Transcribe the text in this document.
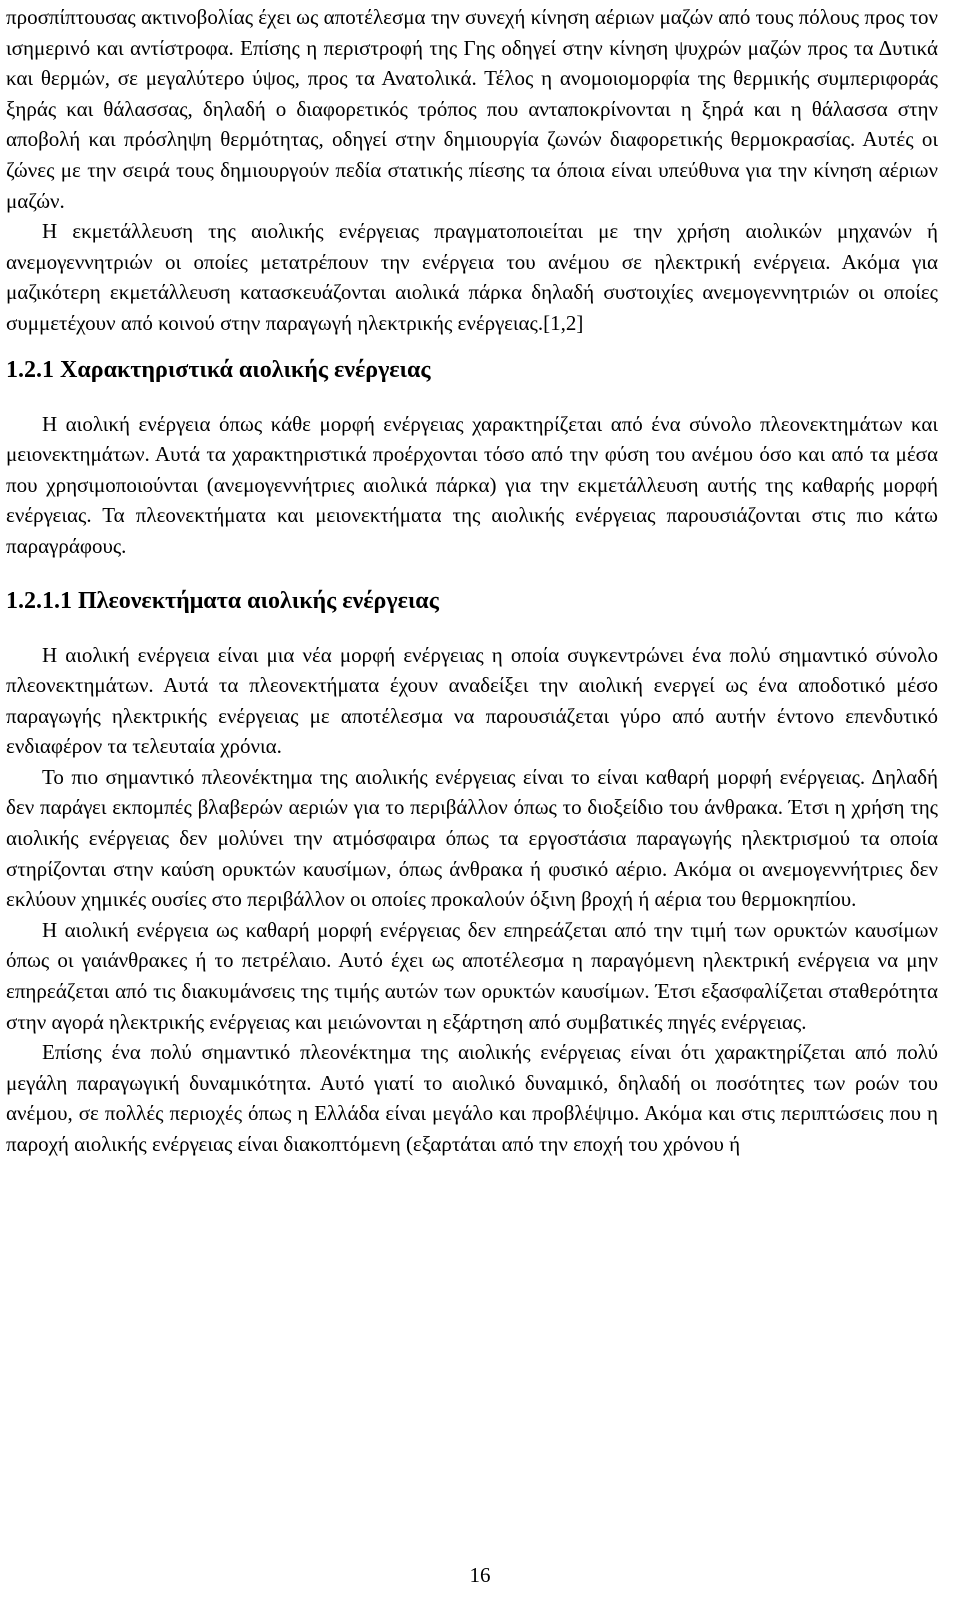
προσπίπτουσας ακτινοβολίας έχει ως αποτέλεσμα την συνεχή κίνηση αέριων μαζών από τους πόλους προς τον ισημερινό και αντίστροφα. Επίσης η περιστροφή της Γης οδηγεί στην κίνηση ψυχρών μαζών προς τα Δυτικά και θερμών, σε μεγαλύτερο ύψος, προς τα Ανατολικά. Τέλος η ανομοιομορφία της θερμικής συμπεριφοράς ξηράς και θάλασσας, δηλαδή ο διαφορετικός τρόπος που ανταποκρίνονται η ξηρά και η θάλασσα στην αποβολή και πρόσληψη θερμότητας, οδηγεί στην δημιουργία ζωνών διαφορετικής θερμοκρασίας. Αυτές οι ζώνες με την σειρά τους δημιουργούν πεδία στατικής πίεσης τα όποια είναι υπεύθυνα για την κίνηση αέριων μαζών.

Η εκμετάλλευση της αιολικής ενέργειας πραγματοποιείται με την χρήση αιολικών μηχανών ή ανεμογεννητριών οι οποίες μετατρέπουν την ενέργεια του ανέμου σε ηλεκτρική ενέργεια. Ακόμα για μαζικότερη εκμετάλλευση κατασκευάζονται αιολικά πάρκα δηλαδή συστοιχίες ανεμογεννητριών οι οποίες συμμετέχουν από κοινού στην παραγωγή ηλεκτρικής ενέργειας.[1,2]

1.2.1 Χαρακτηριστικά αιολικής ενέργειας

Η αιολική ενέργεια όπως κάθε μορφή ενέργειας χαρακτηρίζεται από ένα σύνολο πλεονεκτημάτων και μειονεκτημάτων. Αυτά τα χαρακτηριστικά προέρχονται τόσο από την φύση του ανέμου όσο και από τα μέσα που χρησιμοποιούνται (ανεμογεννήτριες αιολικά πάρκα) για την εκμετάλλευση αυτής της καθαρής μορφή ενέργειας. Τα πλεονεκτήματα και μειονεκτήματα της αιολικής ενέργειας παρουσιάζονται στις πιο κάτω παραγράφους.

1.2.1.1 Πλεονεκτήματα αιολικής ενέργειας

Η αιολική ενέργεια είναι μια νέα μορφή ενέργειας η οποία συγκεντρώνει ένα πολύ σημαντικό σύνολο πλεονεκτημάτων. Αυτά τα πλεονεκτήματα έχουν αναδείξει την αιολική ενεργεί ως ένα αποδοτικό μέσο παραγωγής ηλεκτρικής ενέργειας με αποτέλεσμα να παρουσιάζεται γύρο από αυτήν έντονο επενδυτικό ενδιαφέρον τα τελευταία χρόνια.

Το πιο σημαντικό πλεονέκτημα της αιολικής ενέργειας είναι το είναι καθαρή μορφή ενέργειας. Δηλαδή δεν παράγει εκπομπές βλαβερών αεριών για το περιβάλλον όπως το διοξείδιο του άνθρακα. Έτσι η χρήση της αιολικής ενέργειας δεν μολύνει την ατμόσφαιρα όπως τα εργοστάσια παραγωγής ηλεκτρισμού τα οποία στηρίζονται στην καύση ορυκτών καυσίμων, όπως άνθρακα ή φυσικό αέριο. Ακόμα οι ανεμογεννήτριες δεν εκλύουν χημικές ουσίες στο περιβάλλον οι οποίες προκαλούν όξινη βροχή ή αέρια του θερμοκηπίου.

Η αιολική ενέργεια ως καθαρή μορφή ενέργειας δεν επηρεάζεται από την τιμή των ορυκτών καυσίμων όπως οι γαιάνθρακες ή το πετρέλαιο. Αυτό έχει ως αποτέλεσμα η παραγόμενη ηλεκτρική ενέργεια να μην επηρεάζεται από τις διακυμάνσεις της τιμής αυτών των ορυκτών καυσίμων. Έτσι εξασφαλίζεται σταθερότητα στην αγορά ηλεκτρικής ενέργειας και μειώνονται η εξάρτηση από συμβατικές πηγές ενέργειας.

Επίσης ένα πολύ σημαντικό πλεονέκτημα της αιολικής ενέργειας είναι ότι χαρακτηρίζεται από πολύ μεγάλη παραγωγική δυναμικότητα. Αυτό γιατί το αιολικό δυναμικό, δηλαδή οι ποσότητες των ροών του ανέμου, σε πολλές περιοχές όπως η Ελλάδα είναι μεγάλο και προβλέψιμο. Ακόμα και στις περιπτώσεις που η παροχή αιολικής ενέργειας είναι διακοπτόμενη (εξαρτάται από την εποχή του χρόνου ή

16
